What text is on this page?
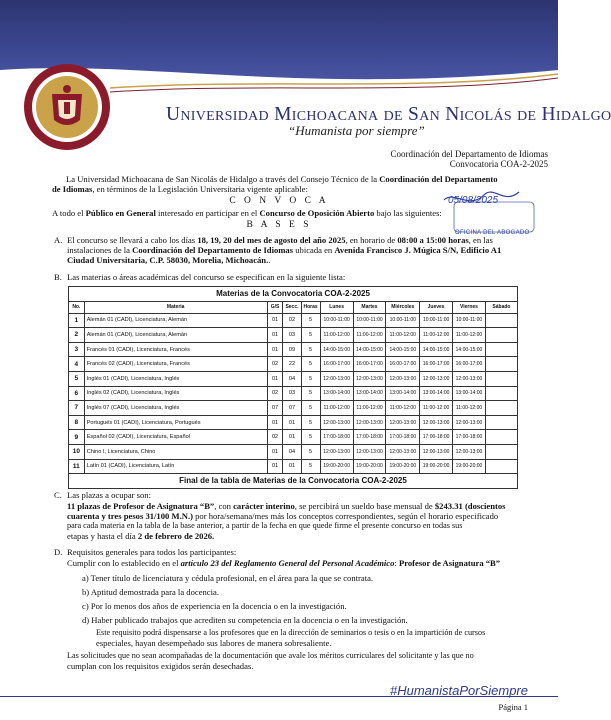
Universidad Michoacana de San Nicolás de Hidalgo
“Humanista por siempre”
Coordinación del Departamento de Idiomas
Convocatoria COA-2-2025
05/08/2025
OFICINA DEL ABOGADO
La Universidad Michoacana de San Nicolás de Hidalgo a través del Consejo Técnico de la Coordinación del Departamento
de Idiomas, en términos de la Legislación Universitaria vigente aplicable:
C O N V O C A
A todo el Público en General interesado en participar en el Concurso de Oposición Abierto bajo las siguientes:
B A S E S
A. El concurso se llevará a cabo los días 18, 19, 20 del mes de agosto del año 2025, en horario de 08:00 a 15:00 horas, en las
instalaciones de la Coordinación del Departamento de Idiomas ubicada en Avenida Francisco J. Múgica S/N, Edificio A1
Ciudad Universitaria, C.P. 58030, Morelia, Michoacán..
B. Las materias o áreas académicas del concurso se especifican en la siguiente lista:
Materias de la Convocatoria COA-2-2025										
No.	Materia	G/S	Secc.	Horas	Lunes	Martes	Miércoles	Jueves	Viernes	Sábado
1	Alemán 01 (CADI), Licenciatura, Alemán	01	02	5	10:00-11:00	10:00-11:00	10:00-11:00	10:00-11:00	10:00-11:00	
2	Alemán 01 (CADI), Licenciatura, Alemán	01	03	5	11:00-12:00	11:00-12:00	11:00-12:00	11:00-12:00	11:00-12:00	
3	Francés 01 (CADI), Licenciatura, Francés	01	09	5	14:00-15:00	14:00-15:00	14:00-15:00	14:00-15:00	14:00-15:00	
4	Francés 02 (CADI), Licenciatura, Francés	02	22	5	16:00-17:00	16:00-17:00	16:00-17:00	16:00-17:00	16:00-17:00	
5	Inglés 01 (CADI), Licenciatura, Inglés	01	04	5	12:00-13:00	12:00-13:00	12:00-13:00	12:00-13:00	12:00-13:00	
6	Inglés 02 (CADI), Licenciatura, Inglés	02	03	5	13:00-14:00	13:00-14:00	13:00-14:00	13:00-14:00	13:00-14:00	
7	Inglés 07 (CADI), Licenciatura, Inglés	07	07	5	11:00-12:00	11:00-12:00	11:00-12:00	11:00-12:00	11:00-12:00	
8	Portugués 01 (CADI), Licenciatura, Portugués	01	01	5	12:00-13:00	12:00-13:00	12:00-13:00	12:00-13:00	12:00-13:00	
9	Español 02 (CADI), Licenciatura, Español	02	01	5	17:00-18:00	17:00-18:00	17:00-18:00	17:00-18:00	17:00-18:00	
10	Chino I, Licenciatura, Chino	01	04	5	12:00-13:00	12:00-13:00	12:00-13:00	12:00-13:00	12:00-13:00	
11	Latín 01 (CADI), Licenciatura, Latín	01	01	5	19:00-20:00	19:00-20:00	19:00-20:00	19:00-20:00	19:00-20:00	
Final de la tabla de Materias de la Convocatoria COA-2-2025										
C. Las plazas a ocupar son:
11 plazas de Profesor de Asignatura “B”, con carácter interino, se percibirá un sueldo base mensual de $243.31 (doscientos
cuarenta y tres pesos 31/100 M.N.) por hora/semana/mes más los conceptos correspondientes, según el horario especificado
para cada materia en la tabla de la base anterior, a partir de la fecha en que quede firme el presente concurso en todas sus
etapas y hasta el día 2 de febrero de 2026.
D. Requisitos generales para todos los participantes:
Cumplir con lo establecido en el artículo 23 del Reglamento General del Personal Académico: Profesor de Asignatura “B”
a) Tener título de licenciatura y cédula profesional, en el área para la que se contrata.
b) Aptitud demostrada para la docencia.
c) Por lo menos dos años de experiencia en la docencia o en la investigación.
d) Haber publicado trabajos que acrediten su competencia en la docencia o en la investigación.
Este requisito podrá dispensarse a los profesores que en la dirección de seminarios o tesis o en la impartición de cursos
especiales, hayan desempeñado sus labores de manera sobresaliente.
Las solicitudes que no sean acompañadas de la documentación que avale los méritos curriculares del solicitante y las que no
cumplan con los requisitos exigidos serán desechadas.
#HumanistaPorSiempre
Página 1
